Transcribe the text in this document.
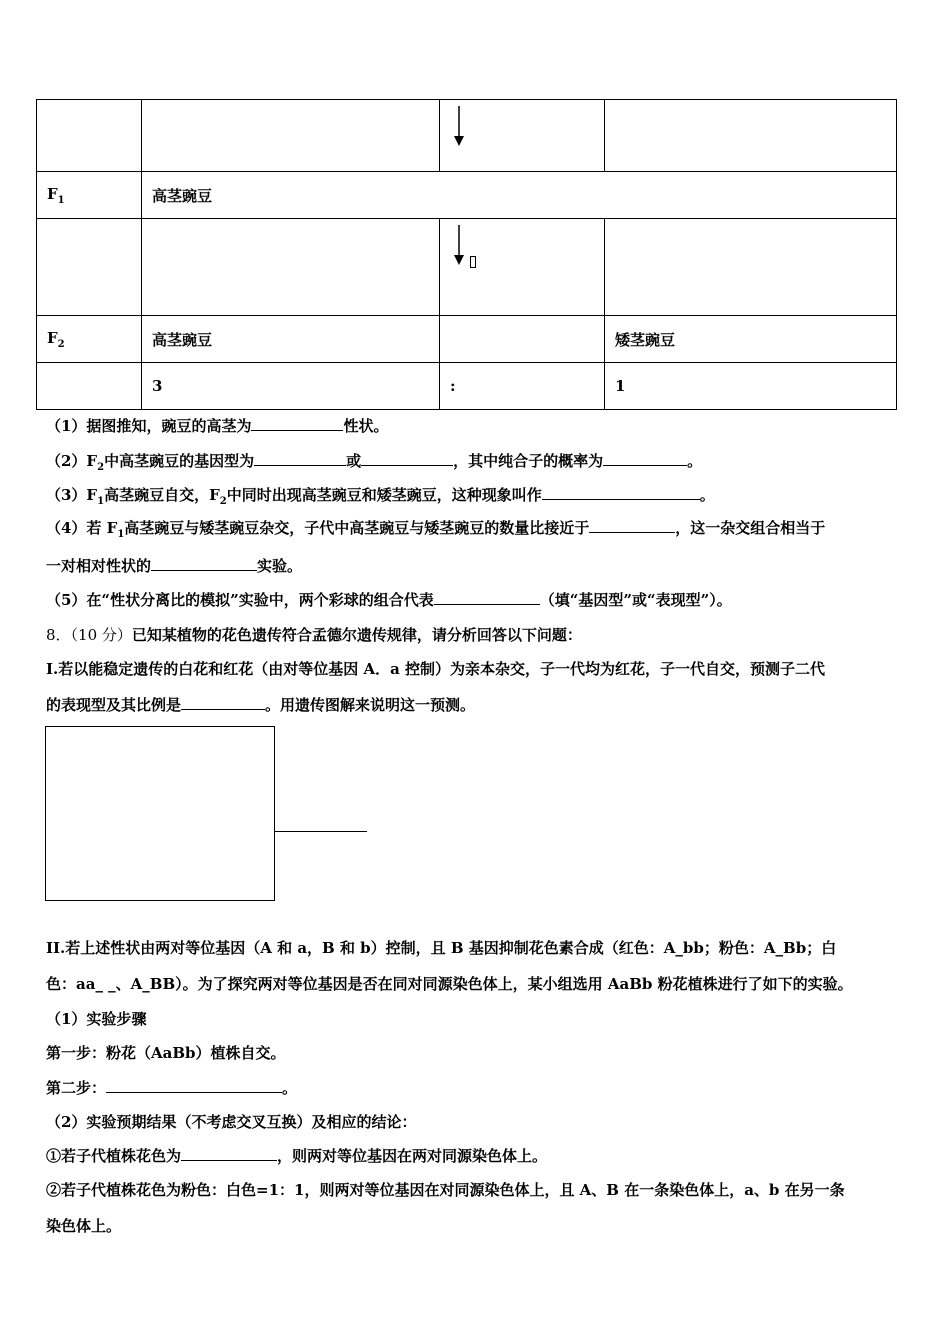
$F_1$	高茎豌豆		

$F_2$	高茎豌豆		矮茎豌豆
	3	:	1
（1）据图推知，豌豆的高茎为	性状。
$(2)F_2$中高茎豌豆的基因型为	或	，其中纯合子的概率为	。
$(3)F_1$高茎豌豆自交，$F_2$中同时出现高茎豌豆和矮茎豌豆，这种现象叫作	。
（4）若 $F_1$高茎豌豆与矮茎豌豆杂交，子代中高茎豌豆与矮茎豌豆的数量比接近于	，这一杂交组合相当于
一对相对性状的	实验。
（5）在“性状分离比的模拟”实验中，两个彩球的组合代表	（填“基因型”或“表现型”）。
8．（10 分）已知某植物的花色遗传符合孟德尔遗传规律，请分析回答以下问题：
I.若以能稳定遗传的白花和红花（由对等位基因 A．a 控制）为亲本杂交，子一代均为红花，子一代自交，预测子二代
的表现型及其比例是	。用遗传图解来说明这一预测。
II.若上述性状由两对等位基因（A 和 a，B 和 b）控制，且 B 基因抑制花色素合成（红色：A_bb；粉色：A_Bb；白
色：aa_ _、A_BB）。为了探究两对等位基因是否在同对同源染色体上，某小组选用 AaBb 粉花植株进行了如下的实验。
（1）实验步骤
第一步：粉花（AaBb）植株自交。
第二步：	。
（2）实验预期结果（不考虑交叉互换）及相应的结论：
①若子代植株花色为	，则两对等位基因在两对同源染色体上。
②若子代植株花色为粉色：白色=1：1，则两对等位基因在对同源染色体上，且 A、B 在一条染色体上，a、b 在另一条
染色体上。
